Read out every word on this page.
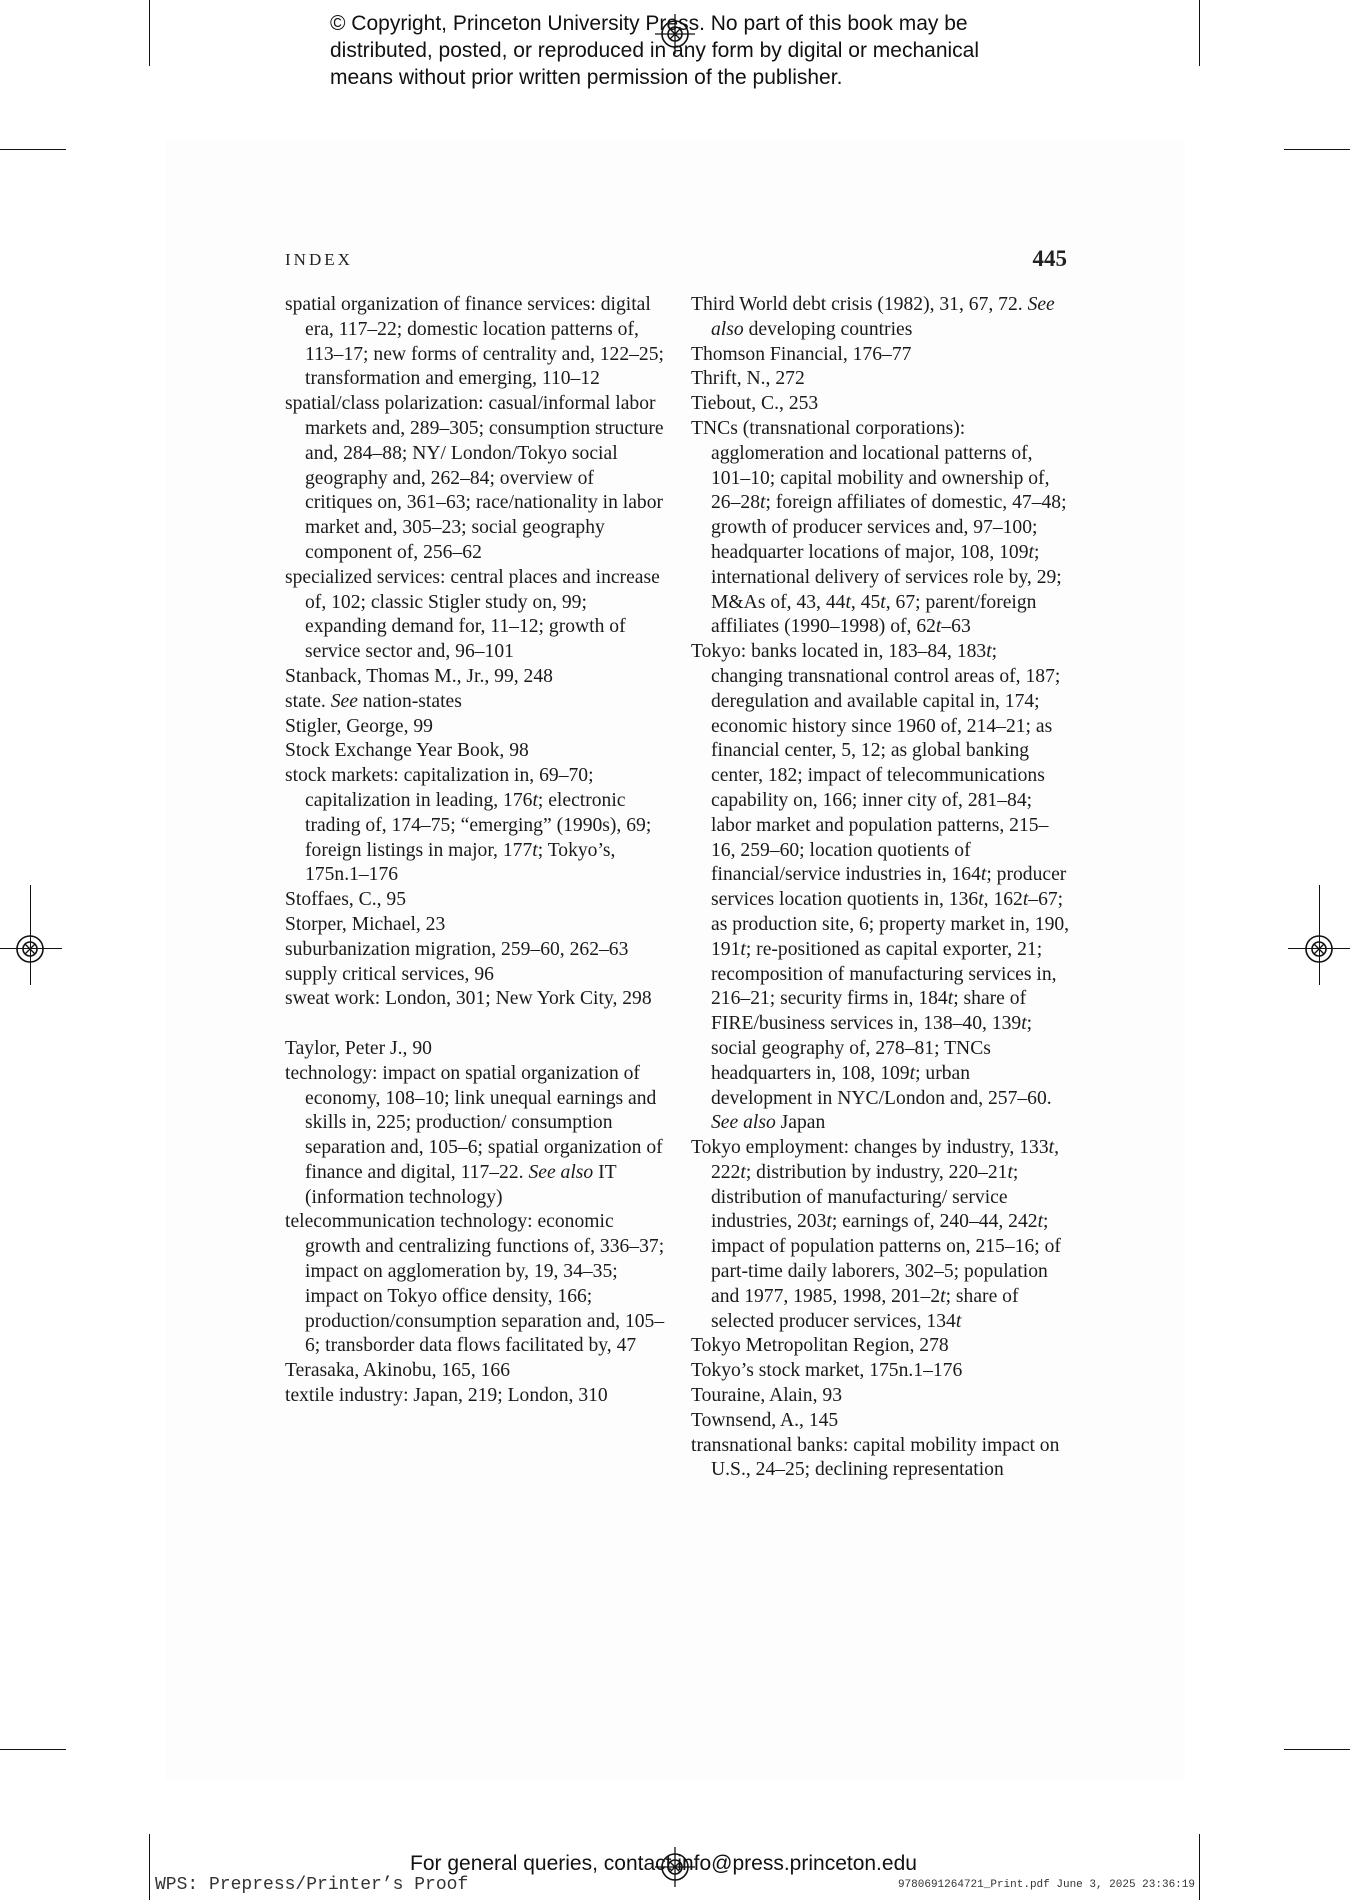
© Copyright, Princeton University Press. No part of this book may be
distributed, posted, or reproduced in any form by digital or mechanical
means without prior written permission of the publisher.
INDEX	445
spatial organization of finance services: digital era, 117–22; domestic location patterns of, 113–17; new forms of centrality and, 122–25; transformation and emerging, 110–12
spatial/class polarization: casual/informal labor markets and, 289–305; consumption structure and, 284–88; NY/ London/Tokyo social geography and, 262–84; overview of critiques on, 361–63; race/nationality in labor market and, 305–23; social geography component of, 256–62
specialized services: central places and increase of, 102; classic Stigler study on, 99; expanding demand for, 11–12; growth of service sector and, 96–101
Stanback, Thomas M., Jr., 99, 248
state. See nation-states
Stigler, George, 99
Stock Exchange Year Book, 98
stock markets: capitalization in, 69–70; capitalization in leading, 176t; electronic trading of, 174–75; “emerging” (1990s), 69; foreign listings in major, 177t; Tokyo’s, 175n.1–176
Stoffaes, C., 95
Storper, Michael, 23
suburbanization migration, 259–60, 262–63
supply critical services, 96
sweat work: London, 301; New York City, 298
Taylor, Peter J., 90
technology: impact on spatial organization of economy, 108–10; link unequal earnings and skills in, 225; production/ consumption separation and, 105–6; spatial organization of finance and digital, 117–22. See also IT (information technology)
telecommunication technology: economic growth and centralizing functions of, 336–37; impact on agglomeration by, 19, 34–35; impact on Tokyo office density, 166; production/consumption separation and, 105–6; transborder data flows facilitated by, 47
Terasaka, Akinobu, 165, 166
textile industry: Japan, 219; London, 310
Third World debt crisis (1982), 31, 67, 72. See also developing countries
Thomson Financial, 176–77
Thrift, N., 272
Tiebout, C., 253
TNCs (transnational corporations): agglomeration and locational patterns of, 101–10; capital mobility and ownership of, 26–28t; foreign affiliates of domestic, 47–48; growth of producer services and, 97–100; headquarter locations of major, 108, 109t; international delivery of services role by, 29; M&As of, 43, 44t, 45t, 67; parent/foreign affiliates (1990–1998) of, 62t–63
Tokyo: banks located in, 183–84, 183t; changing transnational control areas of, 187; deregulation and available capital in, 174; economic history since 1960 of, 214–21; as financial center, 5, 12; as global banking center, 182; impact of telecommunications capability on, 166; inner city of, 281–84; labor market and population patterns, 215–16, 259–60; location quotients of financial/service industries in, 164t; producer services location quotients in, 136t, 162t–67; as production site, 6; property market in, 190, 191t; re-positioned as capital exporter, 21; recomposition of manufacturing services in, 216–21; security firms in, 184t; share of FIRE/business services in, 138–40, 139t; social geography of, 278–81; TNCs headquarters in, 108, 109t; urban development in NYC/London and, 257–60. See also Japan
Tokyo employment: changes by industry, 133t, 222t; distribution by industry, 220–21t; distribution of manufacturing/ service industries, 203t; earnings of, 240–44, 242t; impact of population patterns on, 215–16; of part-time daily laborers, 302–5; population and 1977, 1985, 1998, 201–2t; share of selected producer services, 134t
Tokyo Metropolitan Region, 278
Tokyo’s stock market, 175n.1–176
Touraine, Alain, 93
Townsend, A., 145
transnational banks: capital mobility impact on U.S., 24–25; declining representation
For general queries, contact info@press.princeton.edu
WPS: Prepress/Printer’s Proof	9780691264721_Print.pdf June 3, 2025 23:36:19
